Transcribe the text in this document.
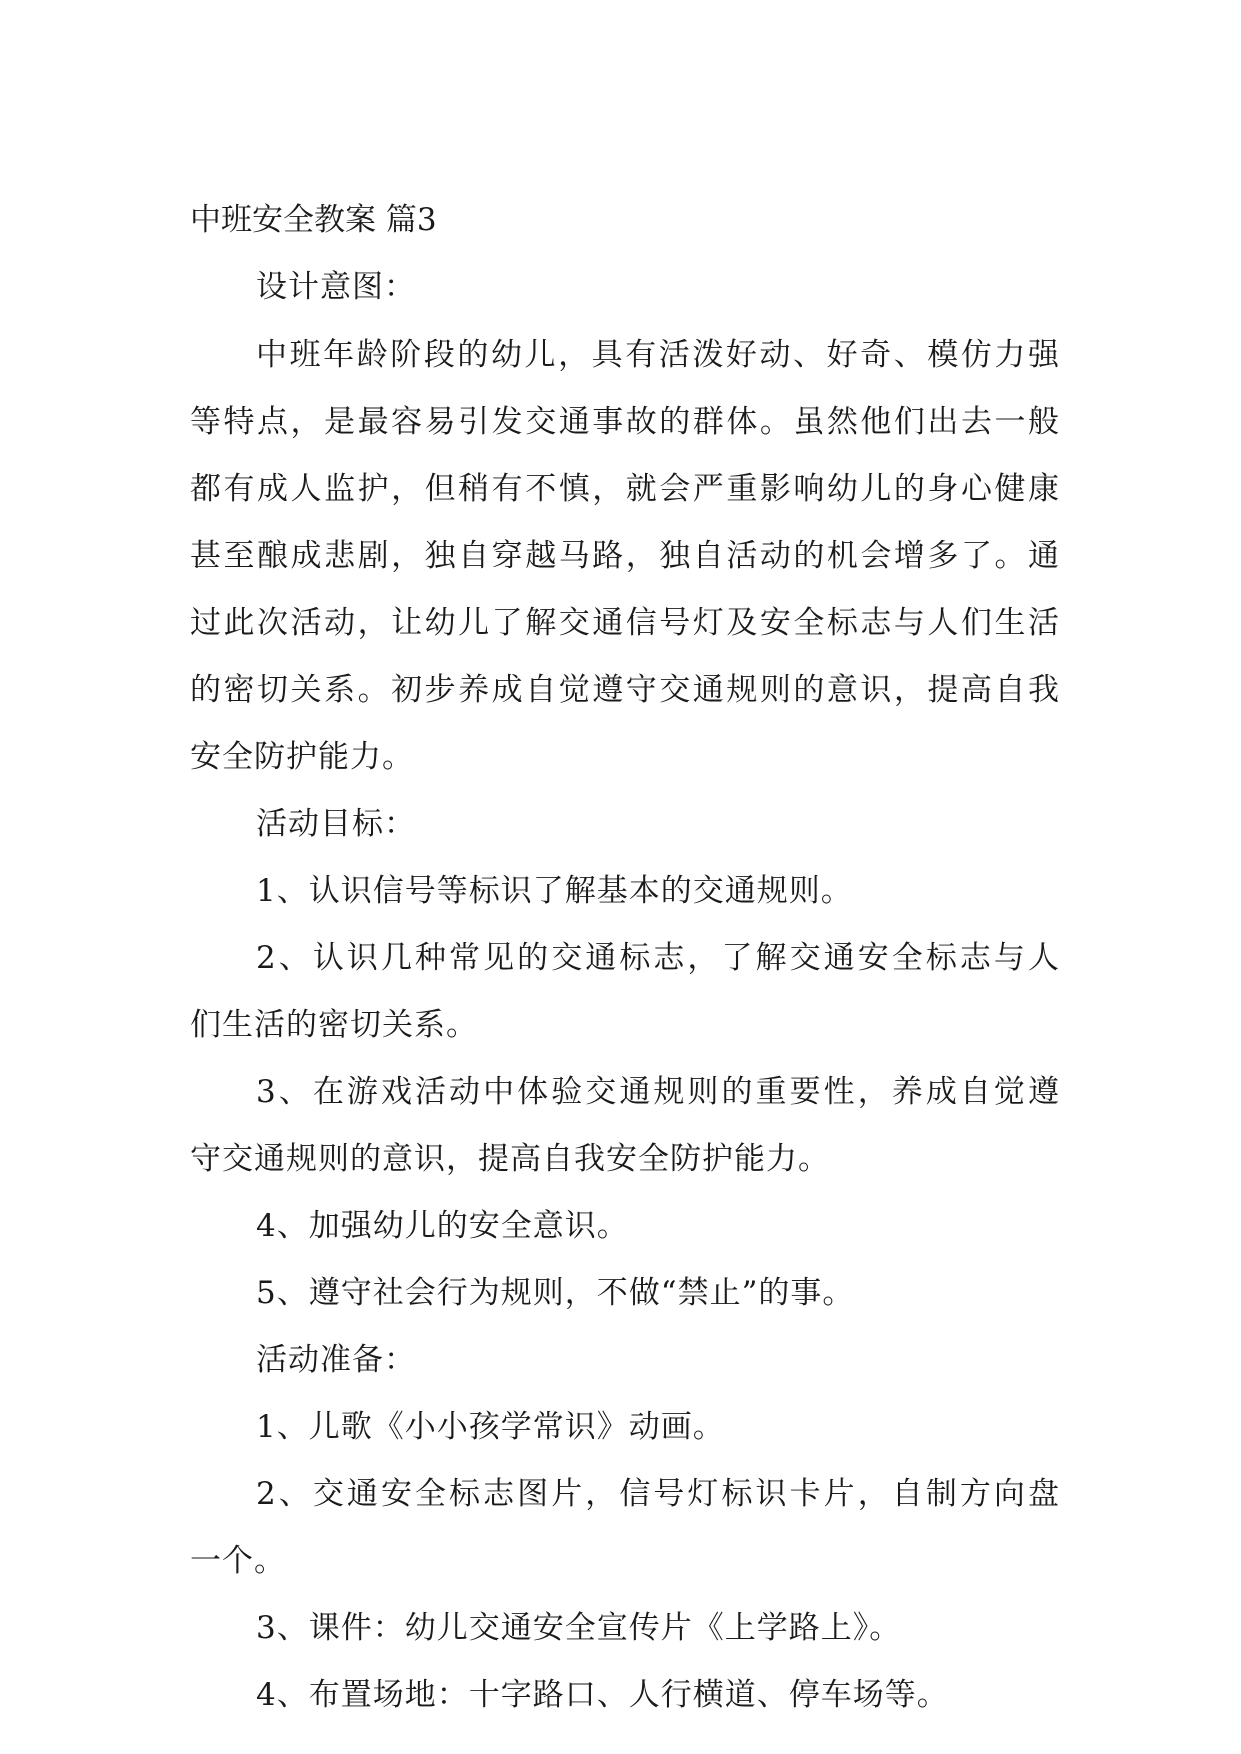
中班安全教案 篇3
设计意图：
中班年龄阶段的幼儿，具有活泼好动、好奇、模仿力强
等特点，是最容易引发交通事故的群体。虽然他们出去一般
都有成人监护，但稍有不慎，就会严重影响幼儿的身心健康
甚至酿成悲剧，独自穿越马路，独自活动的机会增多了。通
过此次活动，让幼儿了解交通信号灯及安全标志与人们生活
的密切关系。初步养成自觉遵守交通规则的意识，提高自我
安全防护能力。
活动目标：
1、认识信号等标识了解基本的交通规则。
2、认识几种常见的交通标志，了解交通安全标志与人
们生活的密切关系。
3、在游戏活动中体验交通规则的重要性，养成自觉遵
守交通规则的意识，提高自我安全防护能力。
4、加强幼儿的安全意识。
5、遵守社会行为规则，不做“禁止”的事。
活动准备：
1、儿歌《小小孩学常识》动画。
2、交通安全标志图片，信号灯标识卡片，自制方向盘
一个。
3、课件：幼儿交通安全宣传片《上学路上》。
4、布置场地：十字路口、人行横道、停车场等。
